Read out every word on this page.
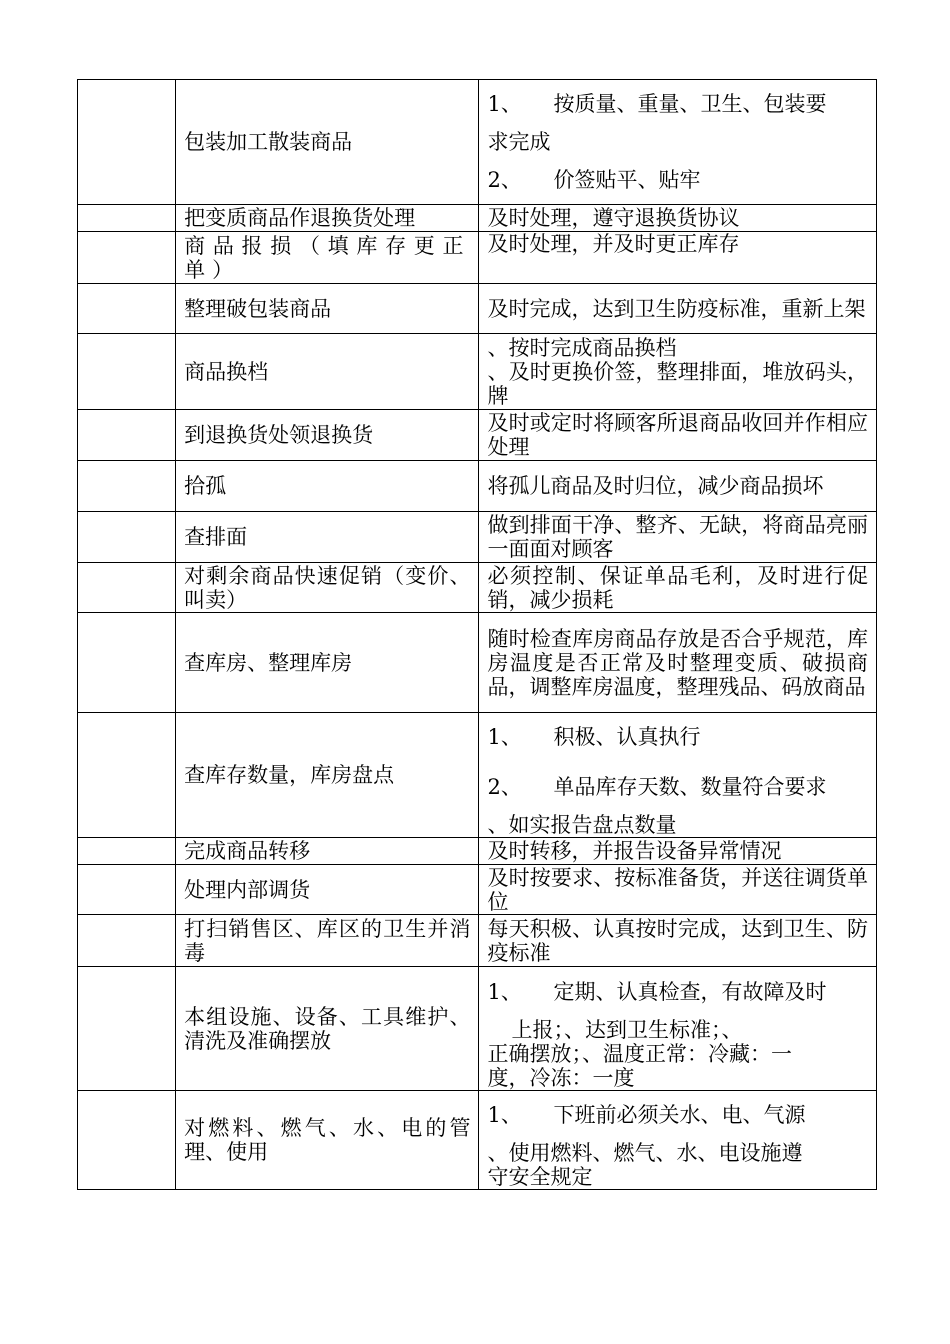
	包装加工散装商品	1、 按质量、重量、卫生、包装要
求完成
2、 价签贴平、贴牢

	把变质商品作退换货处理	及时处理，遵守退换货协议
	商品报损（填库存更正单）	及时处理，并及时更正库存
	整理破包装商品	及时完成，达到卫生防疫标准，重新上架
	商品换档	、按时完成商品换档
、及时更换价签，整理排面，堆放码头，牌

	到退换货处领退换货	及时或定时将顾客所退商品收回并作相应处理
	拾孤	将孤儿商品及时归位，减少商品损坏
	查排面	做到排面干净、整齐、无缺，将商品亮丽一面面对顾客
	对剩余商品快速促销（变价、叫卖）	必须控制、保证单品毛利，及时进行促销，减少损耗
	查库房、整理库房	随时检查库房商品存放是否合乎规范，库房温度是否正常及时整理变质、破损商品，调整库房温度，整理残品、码放商品
	查库存数量，库房盘点	1、 积极、认真执行
2、 单品库存天数、数量符合要求
、如实报告盘点数量

	完成商品转移	及时转移，并报告设备异常情况
	处理内部调货	及时按要求、按标准备货，并送往调货单位
	打扫销售区、库区的卫生并消毒	每天积极、认真按时完成，达到卫生、防疫标准
	本组设施、设备、工具维护、清洗及准确摆放	1、 定期、认真检查，有故障及时
上报；、达到卫生标准；、
正确摆放；、温度正常：冷藏：一
度，冷冻：一度

	对燃料、燃气、水、电的管理、使用	1、 下班前必须关水、电、气源
、使用燃料、燃气、水、电设施遵
守安全规定
